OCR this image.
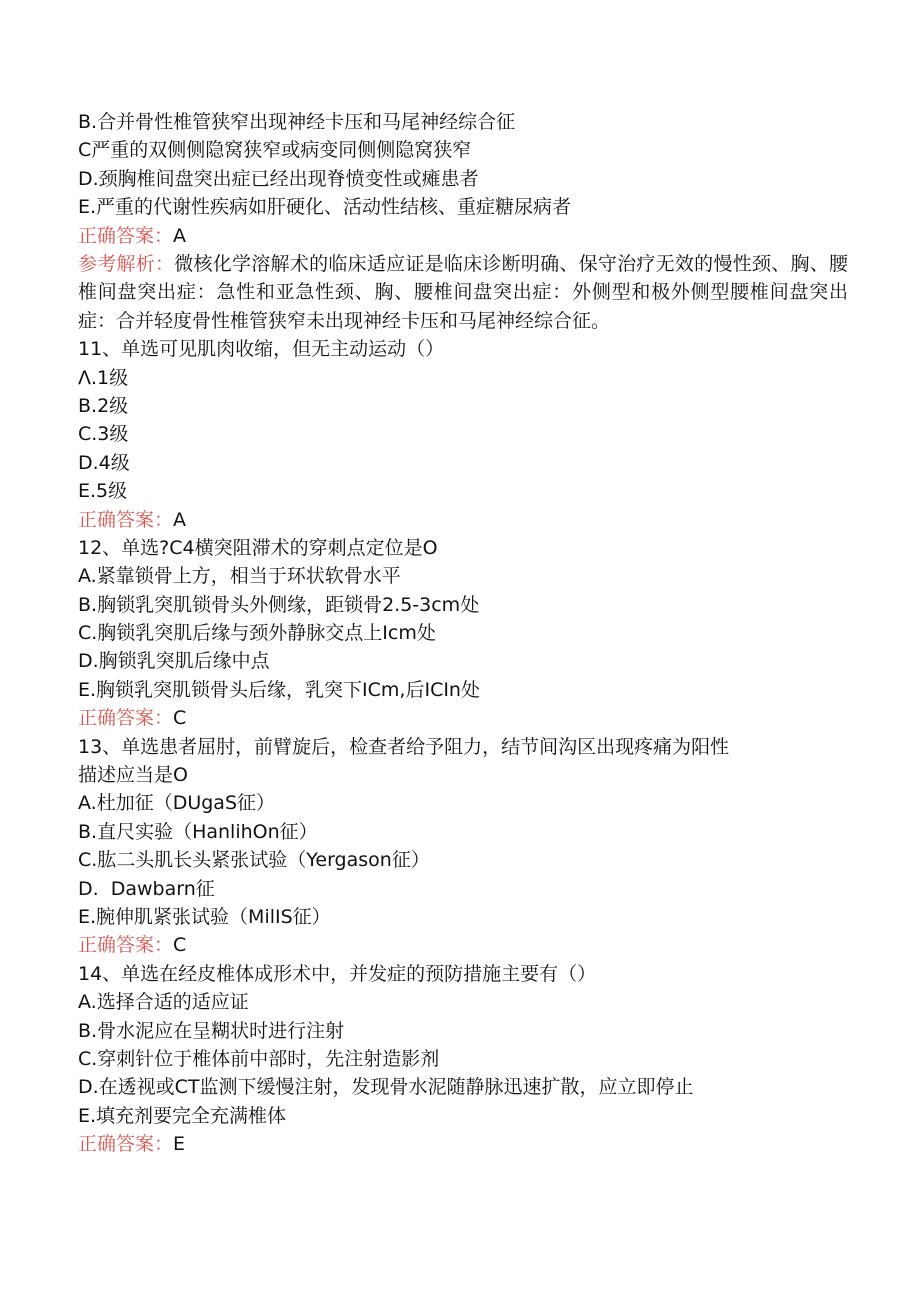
B.合并骨性椎管狭窄出现神经卡压和马尾神经综合征
C严重的双侧侧隐窝狭窄或病变同侧侧隐窝狭窄
D.颈胸椎间盘突出症已经出现脊愤变性或瘫患者
E.严重的代谢性疾病如肝硬化、活动性结核、重症糖尿病者
正确答案：A
参考解析：微核化学溶解术的临床适应证是临床诊断明确、保守治疗无效的慢性颈、胸、腰椎间盘突出症：急性和亚急性颈、胸、腰椎间盘突出症：外侧型和极外侧型腰椎间盘突出症：合并轻度骨性椎管狭窄未出现神经卡压和马尾神经综合征。
11、单选可见肌肉收缩，但无主动运动（）
Λ.1级
B.2级
C.3级
D.4级
E.5级
正确答案：A
12、单选?C4横突阻滞术的穿刺点定位是O
A.紧靠锁骨上方，相当于环状软骨水平
B.胸锁乳突肌锁骨头外侧缘，距锁骨2.5-3cm处
C.胸锁乳突肌后缘与颈外静脉交点上Icm处
D.胸锁乳突肌后缘中点
E.胸锁乳突肌锁骨头后缘，乳突下ICm,后ICIn处
正确答案：C
13、单选患者屈肘，前臂旋后，检查者给予阻力，结节间沟区出现疼痛为阳性
描述应当是O
A.杜加征（DUgaS征）
B.直尺实验（HanlihOn征）
C.肱二头肌长头紧张试验（Yergason征）
D.  Dawbarn征
E.腕伸肌紧张试验（MilIS征）
正确答案：C
14、单选在经皮椎体成形术中，并发症的预防措施主要有（）
A.选择合适的适应证
B.骨水泥应在呈糊状时进行注射
C.穿刺针位于椎体前中部时，先注射造影剂
D.在透视或CT监测下缓慢注射，发现骨水泥随静脉迅速扩散，应立即停止
E.填充剂要完全充满椎体
正确答案：E
